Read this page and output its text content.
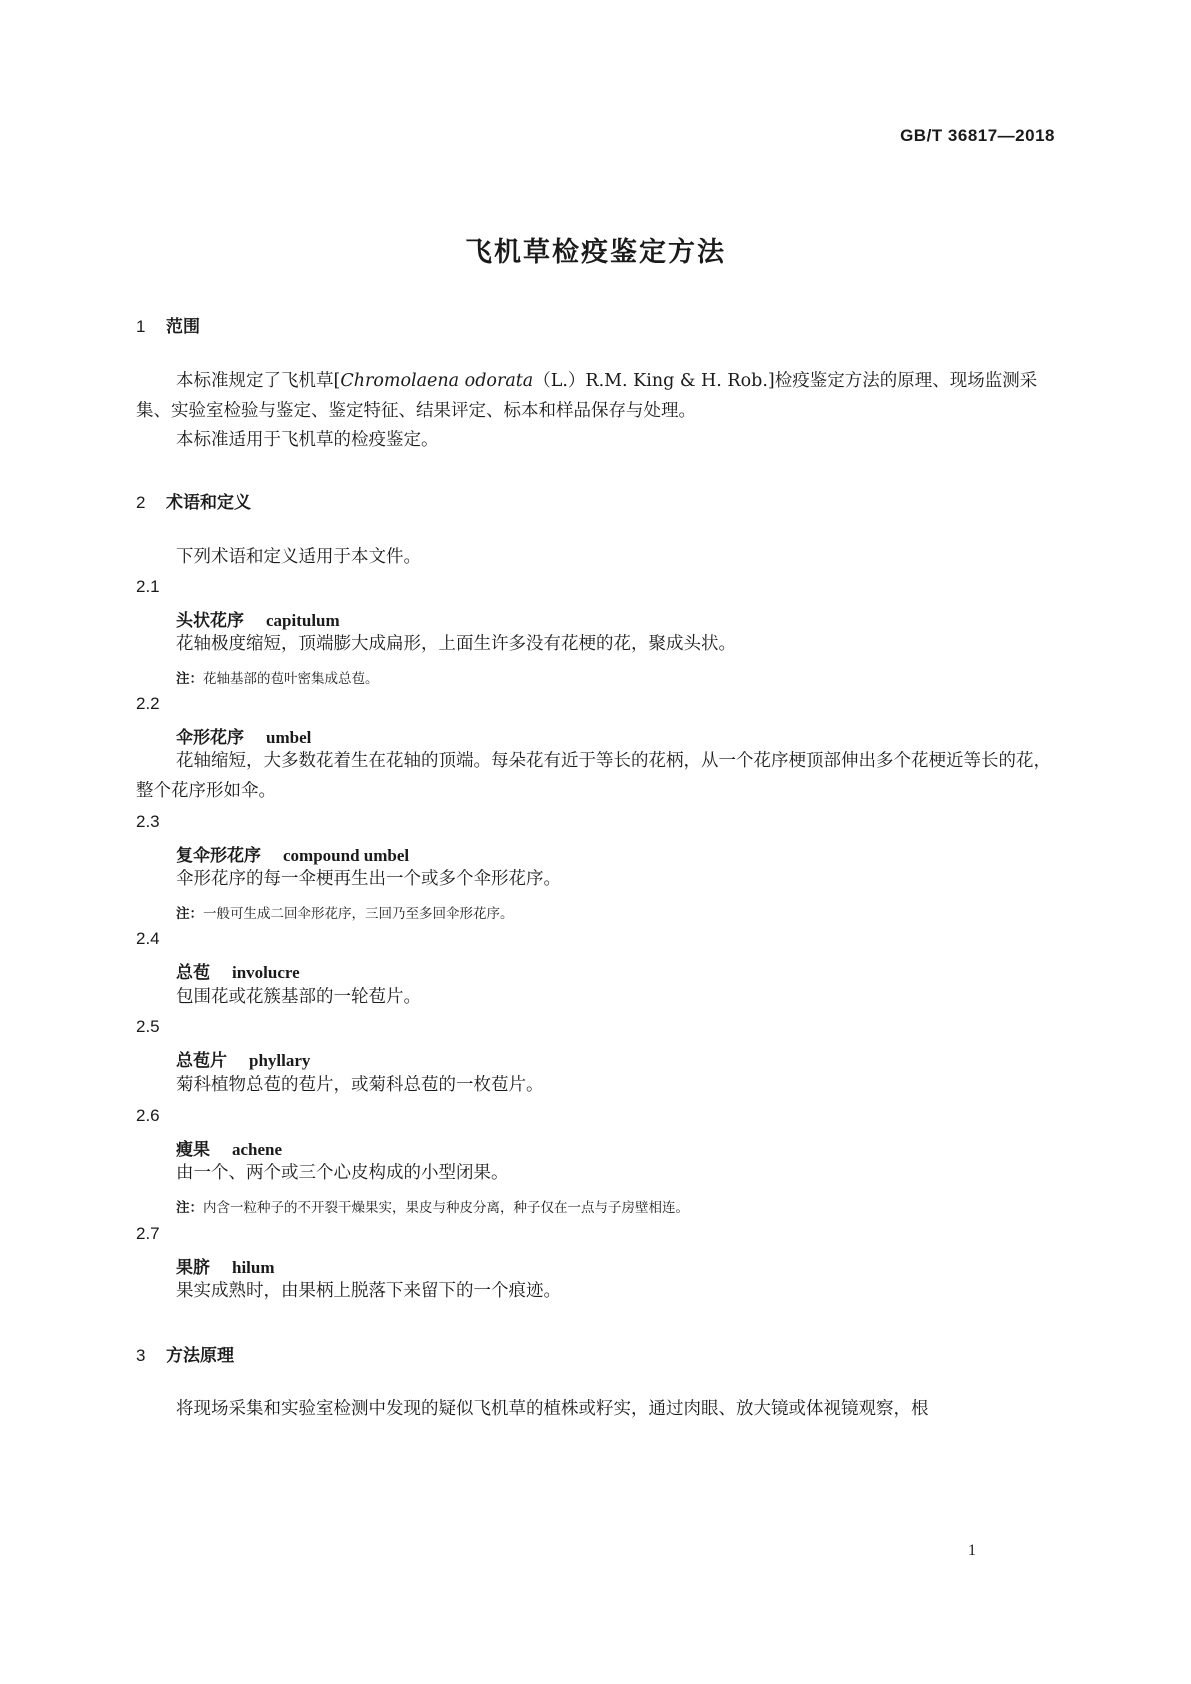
GB/T 36817—2018
飞机草检疫鉴定方法
1 范围
本标准规定了飞机草[Chromolaena odorata（L.）R.M. King & H. Rob.]检疫鉴定方法的原理、现场监测采集、实验室检验与鉴定、鉴定特征、结果评定、标本和样品保存与处理。
本标准适用于飞机草的检疫鉴定。
2 术语和定义
下列术语和定义适用于本文件。
2.1
头状花序 capitulum
花轴极度缩短，顶端膨大成扁形，上面生许多没有花梗的花，聚成头状。
注：花轴基部的苞叶密集成总苞。
2.2
伞形花序 umbel
花轴缩短，大多数花着生在花轴的顶端。每朵花有近于等长的花柄，从一个花序梗顶部伸出多个花梗近等长的花，整个花序形如伞。
2.3
复伞形花序 compound umbel
伞形花序的每一伞梗再生出一个或多个伞形花序。
注：一般可生成二回伞形花序，三回乃至多回伞形花序。
2.4
总苞 involucre
包围花或花簇基部的一轮苞片。
2.5
总苞片 phyllary
菊科植物总苞的苞片，或菊科总苞的一枚苞片。
2.6
瘦果 achene
由一个、两个或三个心皮构成的小型闭果。
注：内含一粒种子的不开裂干燥果实，果皮与种皮分离，种子仅在一点与子房壁相连。
2.7
果脐 hilum
果实成熟时，由果柄上脱落下来留下的一个痕迹。
3 方法原理
将现场采集和实验室检测中发现的疑似飞机草的植株或籽实，通过肉眼、放大镜或体视镜观察，根
1
